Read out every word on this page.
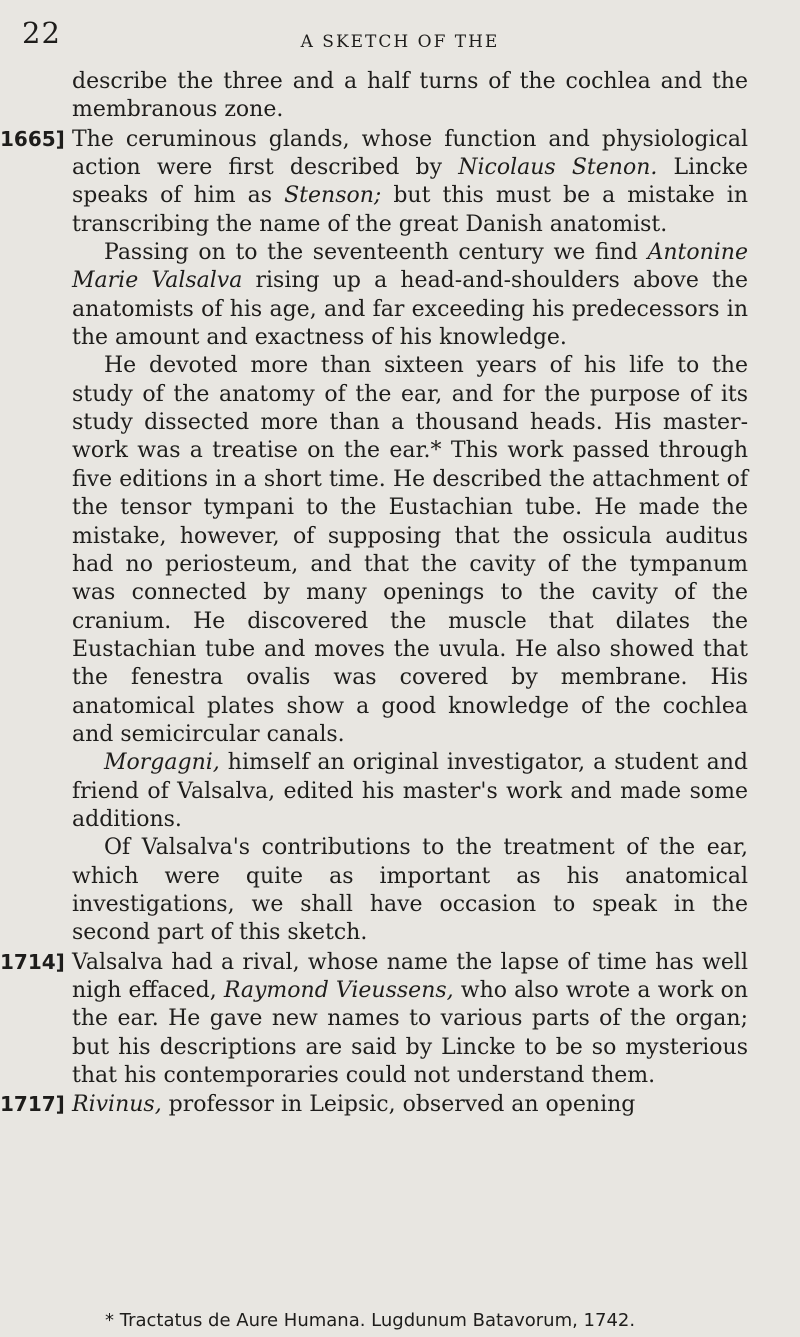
22	A SKETCH OF THE

describe the three and a half turns of the cochlea and the membranous zone.

1665] The ceruminous glands, whose function and physiological action were first described by Nicolaus Stenon. Lincke speaks of him as Stenson; but this must be a mistake in transcribing the name of the great Danish anatomist.

Passing on to the seventeenth century we find Antonine Marie Valsalva rising up a head-and-shoulders above the anatomists of his age, and far exceeding his predecessors in the amount and exactness of his knowledge.

He devoted more than sixteen years of his life to the study of the anatomy of the ear, and for the purpose of its study dissected more than a thousand heads. His master-work was a treatise on the ear.* This work passed through five editions in a short time. He described the attachment of the tensor tympani to the Eustachian tube. He made the mistake, however, of supposing that the ossicula auditus had no periosteum, and that the cavity of the tympanum was connected by many openings to the cavity of the cranium. He discovered the muscle that dilates the Eustachian tube and moves the uvula. He also showed that the fenestra ovalis was covered by membrane. His anatomical plates show a good knowledge of the cochlea and semicircular canals.

Morgagni, himself an original investigator, a student and friend of Valsalva, edited his master's work and made some additions.

Of Valsalva's contributions to the treatment of the ear, which were quite as important as his anatomical investigations, we shall have occasion to speak in the second part of this sketch.

1714] Valsalva had a rival, whose name the lapse of time has well nigh effaced, Raymond Vieussens, who also wrote a work on the ear. He gave new names to various parts of the organ; but his descriptions are said by Lincke to be so mysterious that his contemporaries could not understand them.

1717] Rivinus, professor in Leipsic, observed an opening

* Tractatus de Aure Humana. Lugdunum Batavorum, 1742.
